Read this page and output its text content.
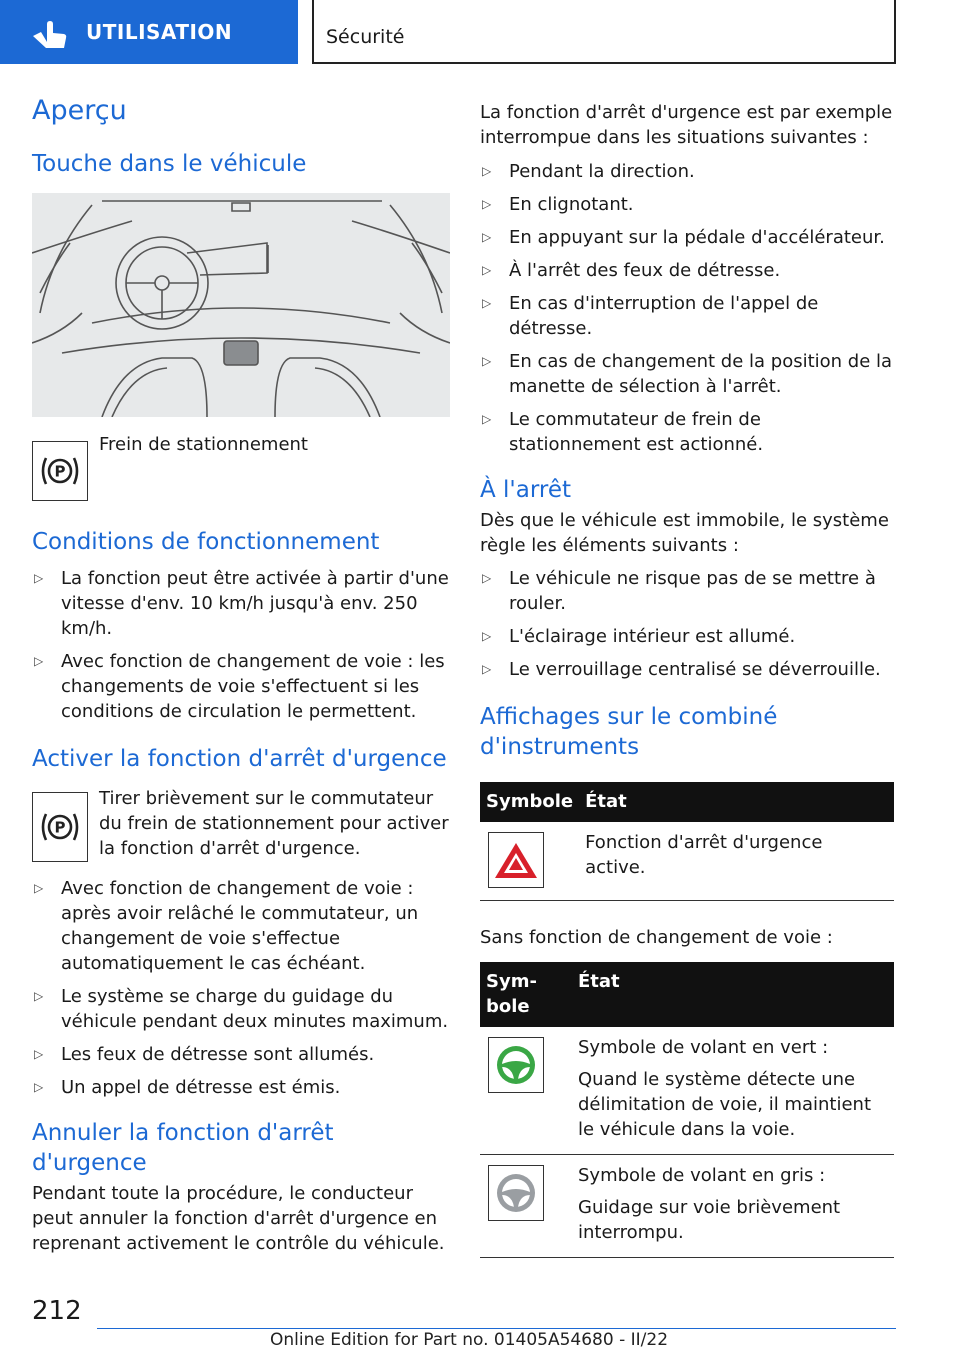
UTILISATION	Sécurité
Aperçu
Touche dans le véhicule
P

Frein de stationnement

Conditions de fonctionnement
▷ La fonction peut être activée à partir d'une vitesse d'env. 10 km/h jusqu'à env. 250 km/h.
▷ Avec fonction de changement de voie : les changements de voie s'effectuent si les conditions de circulation le permettent.
Activer la fonction d'arrêt d'urgence
P

Tirer brièvement sur le commutateur du frein de stationnement pour activer la fonction d'arrêt d'urgence.

▷ Avec fonction de changement de voie : après avoir relâché le commutateur, un changement de voie s'effectue automatiquement le cas échéant.
▷ Le système se charge du guidage du véhicule pendant deux minutes maximum.
▷ Les feux de détresse sont allumés.
▷ Un appel de détresse est émis.
Annuler la fonction d'arrêt d'urgence

Pendant toute la procédure, le conducteur peut annuler la fonction d'arrêt d'urgence en reprenant activement le contrôle du véhicule.

La fonction d'arrêt d'urgence est par exemple interrompue dans les situations suivantes :

▷ Pendant la direction.
▷ En clignotant.
▷ En appuyant sur la pédale d'accélérateur.
▷ À l'arrêt des feux de détresse.
▷ En cas d'interruption de l'appel de détresse.
▷ En cas de changement de la position de la manette de sélection à l'arrêt.
▷ Le commutateur de frein de stationnement est actionné.
À l'arrêt

Dès que le véhicule est immobile, le système règle les éléments suivants :

▷ Le véhicule ne risque pas de se mettre à rouler.
▷ L'éclairage intérieur est allumé.
▷ Le verrouillage centralisé se déverrouille.
Affichages sur le combiné d'instruments
Symbole	État

	Fonction d'arrêt d'urgence active.

Sans fonction de changement de voie :

Sym-bole	État

Symbole de volant en vert :

Quand le système détecte une délimitation de voie, il maintient le véhicule dans la voie.

Symbole de volant en gris :

Guidage sur voie brièvement interrompu.

212
Online Edition for Part no. 01405A54680 - II/22
